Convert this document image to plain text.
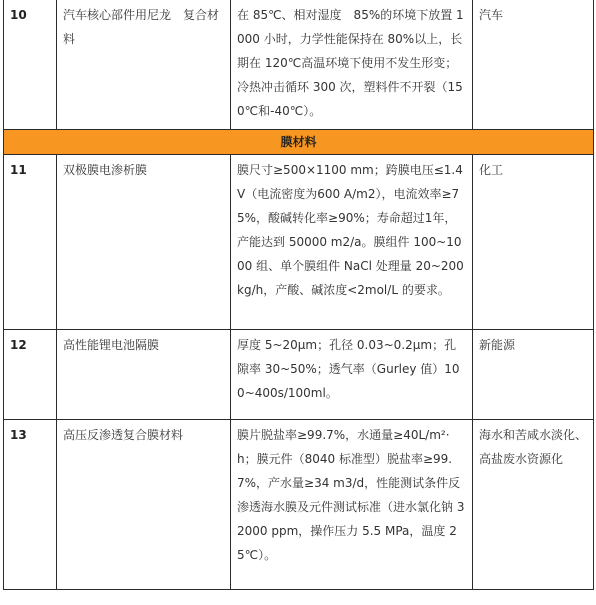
10	汽车核心部件用尼龙　复合材料	在 85℃、相对湿度　85%的环境下放置 1000 小时，力学性能保持在 80%以上，长期在 120℃高温环境下使用不发生形变；　冷热冲击循环 300 次，塑料件不开裂（150℃和-40℃）。	汽车
膜材料			
11	双极膜电渗析膜	膜尺寸≥500×1100 mm；跨膜电压≤1.4 V（电流密度为600 A/m2），电流效率≥75%，酸碱转化率≥90%；寿命超过1年，产能达到 50000 m2/a。膜组件 100~1000 组、单个膜组件 NaCl 处理量 20~200kg/h，产酸、碱浓度<2mol/L 的要求。	化工
12	高性能锂电池隔膜	厚度 5~20μm；孔径 0.03~0.2μm；孔隙率 30~50%；透气率（Gurley 值）100~400s/100ml。	新能源
13	高压反渗透复合膜材料	膜片脱盐率≥99.7%，水通量≥40L/m²·h；膜元件（8040 标准型）脱盐率≥99.7%，产水量≥34 m3/d，性能测试条件反渗透海水膜及元件测试标准（进水氯化钠 32000 ppm，操作压力 5.5 MPa，温度 25℃）。	海水和苦咸水淡化、高盐废水资源化
